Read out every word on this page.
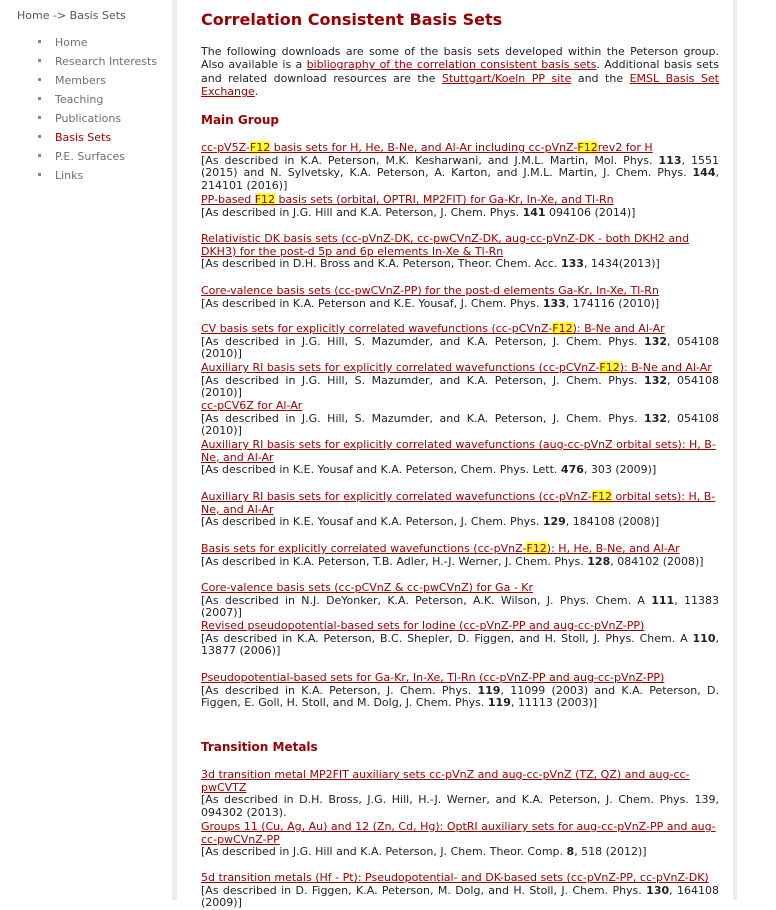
Home -> Basis Sets
Home
Research Interests
Members
Teaching
Publications
Basis Sets
P.E. Surfaces
Links
Correlation Consistent Basis Sets
The following downloads are some of the basis sets developed within the Peterson group. Also available is a bibliography of the correlation consistent basis sets. Additional basis sets and related download resources are the Stuttgart/Koeln PP site and the EMSL Basis Set Exchange.
Main Group
cc-pV5Z-F12 basis sets for H, He, B-Ne, and Al-Ar including cc-pVnZ-F12rev2 for H
[As described in K.A. Peterson, M.K. Kesharwani, and J.M.L. Martin, Mol. Phys. 113, 1551 (2015) and N. Sylvetsky, K.A. Peterson, A. Karton, and J.M.L. Martin, J. Chem. Phys. 144, 214101 (2016)]
PP-based F12 basis sets (orbital, OPTRI, MP2FIT) for Ga-Kr, In-Xe, and Tl-Rn
[As described in J.G. Hill and K.A. Peterson, J. Chem. Phys. 141 094106 (2014)]
Relativistic DK basis sets (cc-pVnZ-DK, cc-pwCVnZ-DK, aug-cc-pVnZ-DK - both DKH2 and DKH3) for the post-d 5p and 6p elements In-Xe & Tl-Rn
[As described in D.H. Bross and K.A. Peterson, Theor. Chem. Acc. 133, 1434(2013)]
Core-valence basis sets (cc-pwCVnZ-PP) for the post-d elements Ga-Kr, In-Xe, Tl-Rn
[As described in K.A. Peterson and K.E. Yousaf, J. Chem. Phys. 133, 174116 (2010)]
CV basis sets for explicitly correlated wavefunctions (cc-pCVnZ-F12): B-Ne and Al-Ar
[As described in J.G. Hill, S. Mazumder, and K.A. Peterson, J. Chem. Phys. 132, 054108 (2010)]
Auxiliary RI basis sets for explicitly correlated wavefunctions (cc-pCVnZ-F12): B-Ne and Al-Ar
[As described in J.G. Hill, S. Mazumder, and K.A. Peterson, J. Chem. Phys. 132, 054108 (2010)]
cc-pCV6Z for Al-Ar
[As described in J.G. Hill, S. Mazumder, and K.A. Peterson, J. Chem. Phys. 132, 054108 (2010)]
Auxiliary RI basis sets for explicitly correlated wavefunctions (aug-cc-pVnZ orbital sets): H, B-Ne, and Al-Ar
[As described in K.E. Yousaf and K.A. Peterson, Chem. Phys. Lett. 476, 303 (2009)]
Auxiliary RI basis sets for explicitly correlated wavefunctions (cc-pVnZ-F12 orbital sets): H, B-Ne, and Al-Ar
[As described in K.E. Yousaf and K.A. Peterson, J. Chem. Phys. 129, 184108 (2008)]
Basis sets for explicitly correlated wavefunctions (cc-pVnZ-F12): H, He, B-Ne, and Al-Ar
[As described in K.A. Peterson, T.B. Adler, H.-J. Werner, J. Chem. Phys. 128, 084102 (2008)]
Core-valence basis sets (cc-pCVnZ & cc-pwCVnZ) for Ga - Kr
[As described in N.J. DeYonker, K.A. Peterson, A.K. Wilson, J. Phys. Chem. A 111, 11383 (2007)]
Revised pseudopotential-based sets for Iodine (cc-pVnZ-PP and aug-cc-pVnZ-PP)
[As described in K.A. Peterson, B.C. Shepler, D. Figgen, and H. Stoll, J. Phys. Chem. A 110, 13877 (2006)]
Pseudopotential-based sets for Ga-Kr, In-Xe, Tl-Rn (cc-pVnZ-PP and aug-cc-pVnZ-PP)
[As described in K.A. Peterson, J. Chem. Phys. 119, 11099 (2003) and K.A. Peterson, D. Figgen, E. Goll, H. Stoll, and M. Dolg, J. Chem. Phys. 119, 11113 (2003)]
Transition Metals
3d transition metal MP2FIT auxiliary sets cc-pVnZ and aug-cc-pVnZ (TZ, QZ) and aug-cc-pwCVTZ
[As described in D.H. Bross, J.G. Hill, H.-J. Werner, and K.A. Peterson, J. Chem. Phys. 139, 094302 (2013).
Groups 11 (Cu, Ag, Au) and 12 (Zn, Cd, Hg): OptRI auxiliary sets for aug-cc-pVnZ-PP and aug-cc-pwCVnZ-PP
[As described in J.G. Hill and K.A. Peterson, J. Chem. Theor. Comp. 8, 518 (2012)]
5d transition metals (Hf - Pt): Pseudopotential- and DK-based sets (cc-pVnZ-PP, cc-pVnZ-DK)
[As described in D. Figgen, K.A. Peterson, M. Dolg, and H. Stoll, J. Chem. Phys. 130, 164108 (2009)]
